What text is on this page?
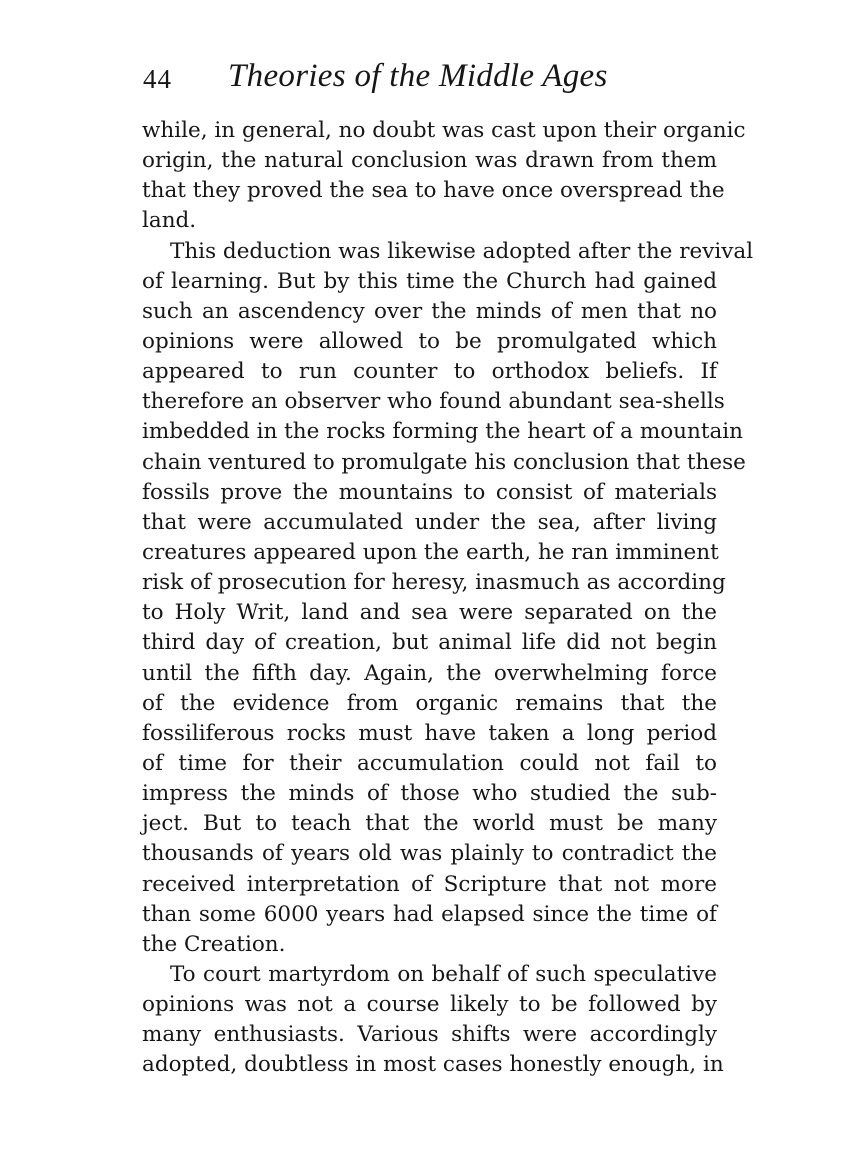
44 Theories of the Middle Ages
while, in general, no doubt was cast upon their organic
origin, the natural conclusion was drawn from them
that they proved the sea to have once overspread the
land.
This deduction was likewise adopted after the revival
of learning. But by this time the Church had gained
such an ascendency over the minds of men that no
opinions were allowed to be promulgated which
appeared to run counter to orthodox beliefs. If
therefore an observer who found abundant sea-shells
imbedded in the rocks forming the heart of a mountain
chain ventured to promulgate his conclusion that these
fossils prove the mountains to consist of materials
that were accumulated under the sea, after living
creatures appeared upon the earth, he ran imminent
risk of prosecution for heresy, inasmuch as according
to Holy Writ, land and sea were separated on the
third day of creation, but animal life did not begin
until the fifth day. Again, the overwhelming force
of the evidence from organic remains that the
fossiliferous rocks must have taken a long period
of time for their accumulation could not fail to
impress the minds of those who studied the sub-
ject. But to teach that the world must be many
thousands of years old was plainly to contradict the
received interpretation of Scripture that not more
than some 6000 years had elapsed since the time of
the Creation.
To court martyrdom on behalf of such speculative
opinions was not a course likely to be followed by
many enthusiasts. Various shifts were accordingly
adopted, doubtless in most cases honestly enough, in
